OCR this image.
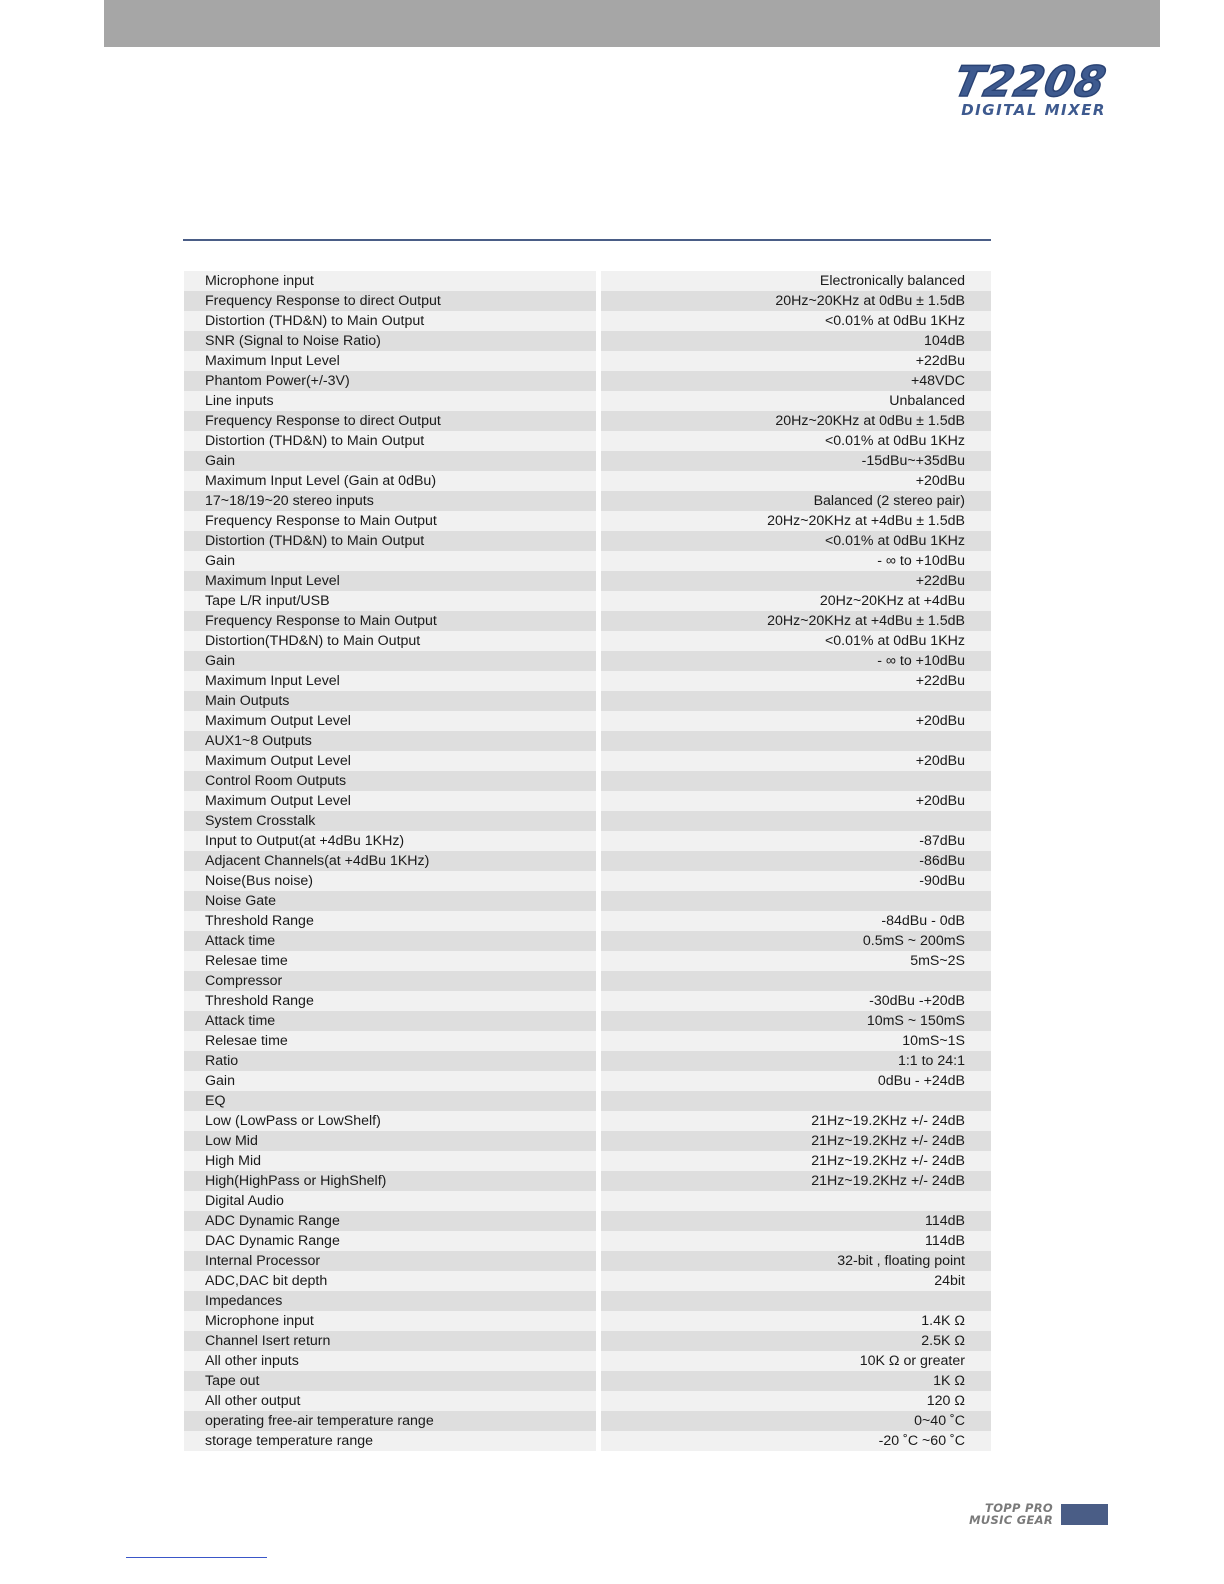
T2208
DIGITAL MIXER
Microphone input	Electronically balanced
Frequency Response to direct Output	20Hz~20KHz at 0dBu ± 1.5dB
Distortion (THD&N) to Main Output	<0.01% at 0dBu 1KHz
SNR (Signal to Noise Ratio)	104dB
Maximum Input Level	+22dBu
Phantom Power(+/-3V)	+48VDC
Line inputs	Unbalanced
Frequency Response to direct Output	20Hz~20KHz at 0dBu ± 1.5dB
Distortion (THD&N) to Main Output	<0.01% at 0dBu 1KHz
Gain	-15dBu~+35dBu
Maximum Input Level (Gain at 0dBu)	+20dBu
17~18/19~20 stereo inputs	Balanced (2 stereo pair)
Frequency Response to Main Output	20Hz~20KHz at +4dBu ± 1.5dB
Distortion (THD&N) to Main Output	<0.01% at 0dBu 1KHz
Gain	- ∞ to +10dBu
Maximum Input Level	+22dBu
Tape L/R input/USB	20Hz~20KHz at +4dBu
Frequency Response to Main Output	20Hz~20KHz at +4dBu ± 1.5dB
Distortion(THD&N) to Main Output	<0.01% at 0dBu 1KHz
Gain	- ∞ to +10dBu
Maximum Input Level	+22dBu
Main Outputs
Maximum Output Level	+20dBu
AUX1~8 Outputs
Maximum Output Level	+20dBu
Control Room Outputs
Maximum Output Level	+20dBu
System Crosstalk
Input to Output(at +4dBu 1KHz)	-87dBu
Adjacent Channels(at +4dBu 1KHz)	-86dBu
Noise(Bus noise)	-90dBu
Noise Gate
Threshold Range	-84dBu - 0dB
Attack time	0.5mS ~ 200mS
Relesae time	5mS~2S
Compressor
Threshold Range	-30dBu -+20dB
Attack time	10mS ~ 150mS
Relesae time	10mS~1S
Ratio	1:1 to 24:1
Gain	0dBu - +24dB
EQ
Low (LowPass or LowShelf)	21Hz~19.2KHz +/- 24dB
Low Mid	21Hz~19.2KHz +/- 24dB
High Mid	21Hz~19.2KHz +/- 24dB
High(HighPass or HighShelf)	21Hz~19.2KHz +/- 24dB
Digital Audio
ADC Dynamic Range	114dB
DAC Dynamic Range	114dB
Internal Processor	32-bit , floating point
ADC,DAC bit depth	24bit
Impedances
Microphone input	1.4K Ω
Channel Isert return	2.5K Ω
All other inputs	10K Ω or greater
Tape out	1K Ω
All other output	120 Ω
operating free-air temperature range	0~40 ˚C
storage temperature range	-20 ˚C ~60 ˚C
TOPP PRO
MUSIC GEAR
